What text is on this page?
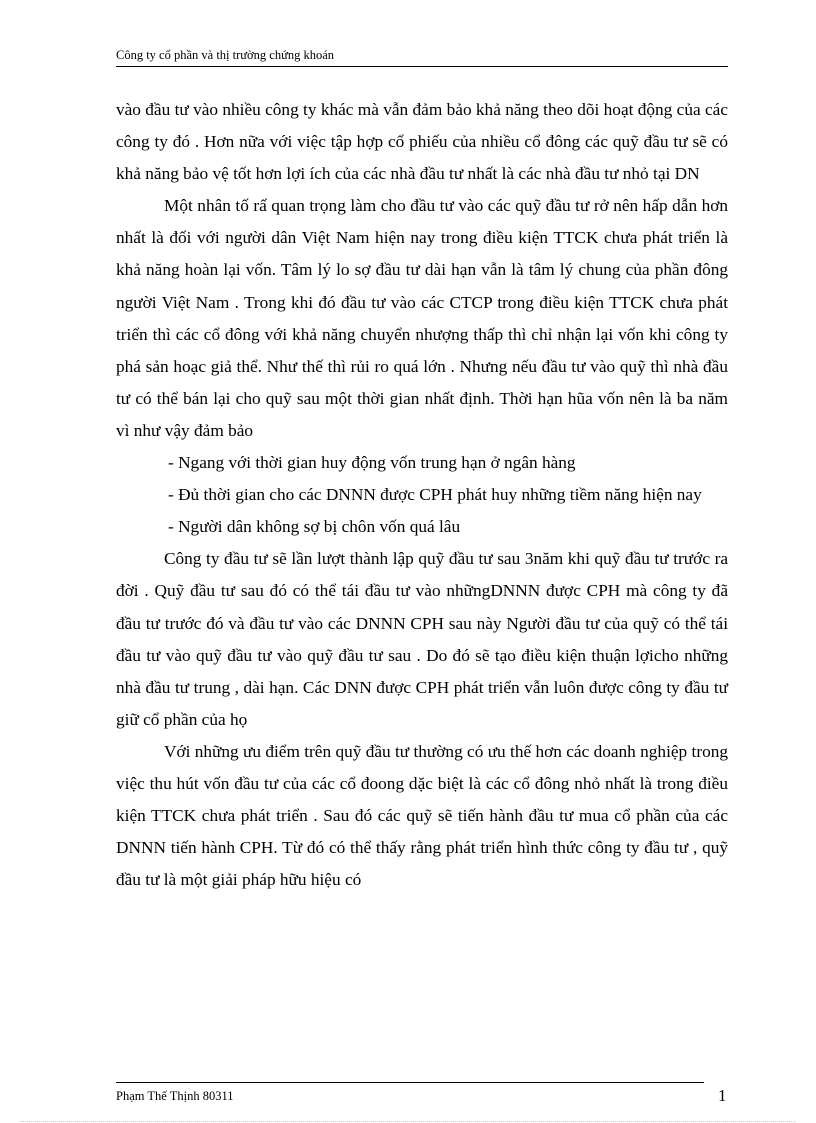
Công ty cổ phần và thị trường chứng khoán

vào đầu tư vào nhiều công ty khác mà vẫn đảm bảo khả năng theo dõi hoạt động của các công ty đó . Hơn nữa với việc tập hợp cổ phiếu của nhiều cổ đông các quỹ đầu tư sẽ có khả năng bảo vệ tốt hơn lợi ích của các nhà đầu tư nhất là các nhà đầu tư nhỏ tại DN

Một nhân tố rấ quan trọng làm cho đầu tư vào các quỹ đầu tư rở nên hấp dẫn hơn nhất là đối với người dân Việt Nam hiện nay trong điều kiện TTCK chưa phát triển là khả năng hoàn lại vốn. Tâm lý lo sợ đầu tư dài hạn vẫn là tâm lý chung của phần đông người Việt Nam . Trong khi đó đầu tư vào các CTCP trong điều kiện TTCK chưa phát triển thì các cổ đông với khả năng chuyển nhượng thấp thì chỉ nhận lại vốn khi công ty phá sản hoạc giả thể. Như thế thì rủi ro quá lớn . Nhưng nếu đầu tư vào quỹ thì nhà đầu tư có thể bán lại cho quỹ sau một thời gian nhất định. Thời hạn hũa vốn nên là ba năm vì như vậy đảm bảo

- Ngang với thời gian huy động vốn trung hạn ở ngân hàng

- Đủ thời gian cho các DNNN được CPH phát huy những tiềm năng hiện nay

- Người dân không sợ bị chôn vốn quá lâu

Công ty đầu tư sẽ lần lượt thành lập quỹ đầu tư sau 3năm khi quỹ đầu tư trước ra đời . Quỹ đầu tư sau đó có thể tái đầu tư vào nhữngDNNN được CPH mà công ty đã đầu tư trước đó và đầu tư vào các DNNN CPH sau này Người đầu tư của quỹ có thể tái đầu tư vào quỹ đầu tư vào quỹ đầu tư sau . Do đó sẽ tạo điều kiện thuận lợicho những nhà đầu tư trung , dài hạn. Các DNN được CPH phát triển vẫn luôn được công ty đầu tư giữ cổ phần của họ

Với những ưu điểm trên quỹ đầu tư thường có ưu thế hơn các doanh nghiệp trong việc thu hút vốn đầu tư của các cổ đoong dặc biệt là các cổ đông nhỏ nhất là trong điều kiện TTCK chưa phát triển . Sau đó các quỹ sẽ tiến hành đầu tư mua cổ phần của các DNNN tiến hành CPH. Từ đó có thể thấy rằng phát triển hình thức công ty đầu tư , quỹ đầu tư là một giải pháp hữu hiệu có

Phạm Thế Thịnh 80311	1
